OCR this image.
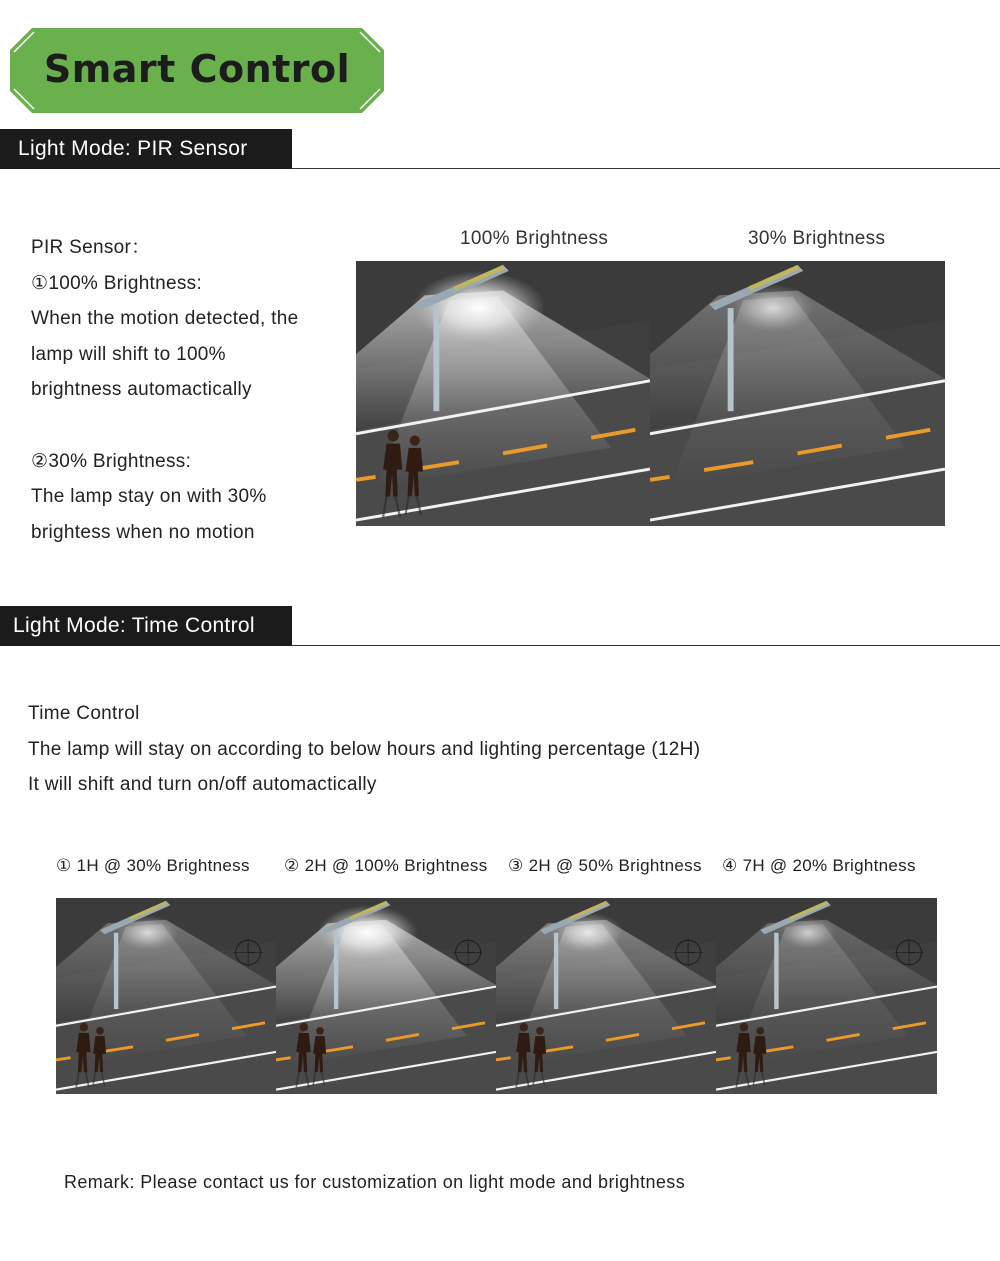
Smart Control
Light Mode: PIR Sensor
PIR Sensor：
①100% Brightness:
When the motion detected, the
lamp will shift to 100%
brightness automactically
②30% Brightness:
The lamp stay on with 30%
brightess when no motion
100% Brightness	30% Brightness
Light Mode: Time Control
Time Control
The lamp will stay on according to below hours and lighting percentage (12H)
It will shift and turn on/off automactically
① 1H @ 30% Brightness ② 2H @ 100% Brightness ③ 2H @ 50% Brightness ④ 7H @ 20% Brightness
Remark: Please contact us for customization on light mode and brightness
